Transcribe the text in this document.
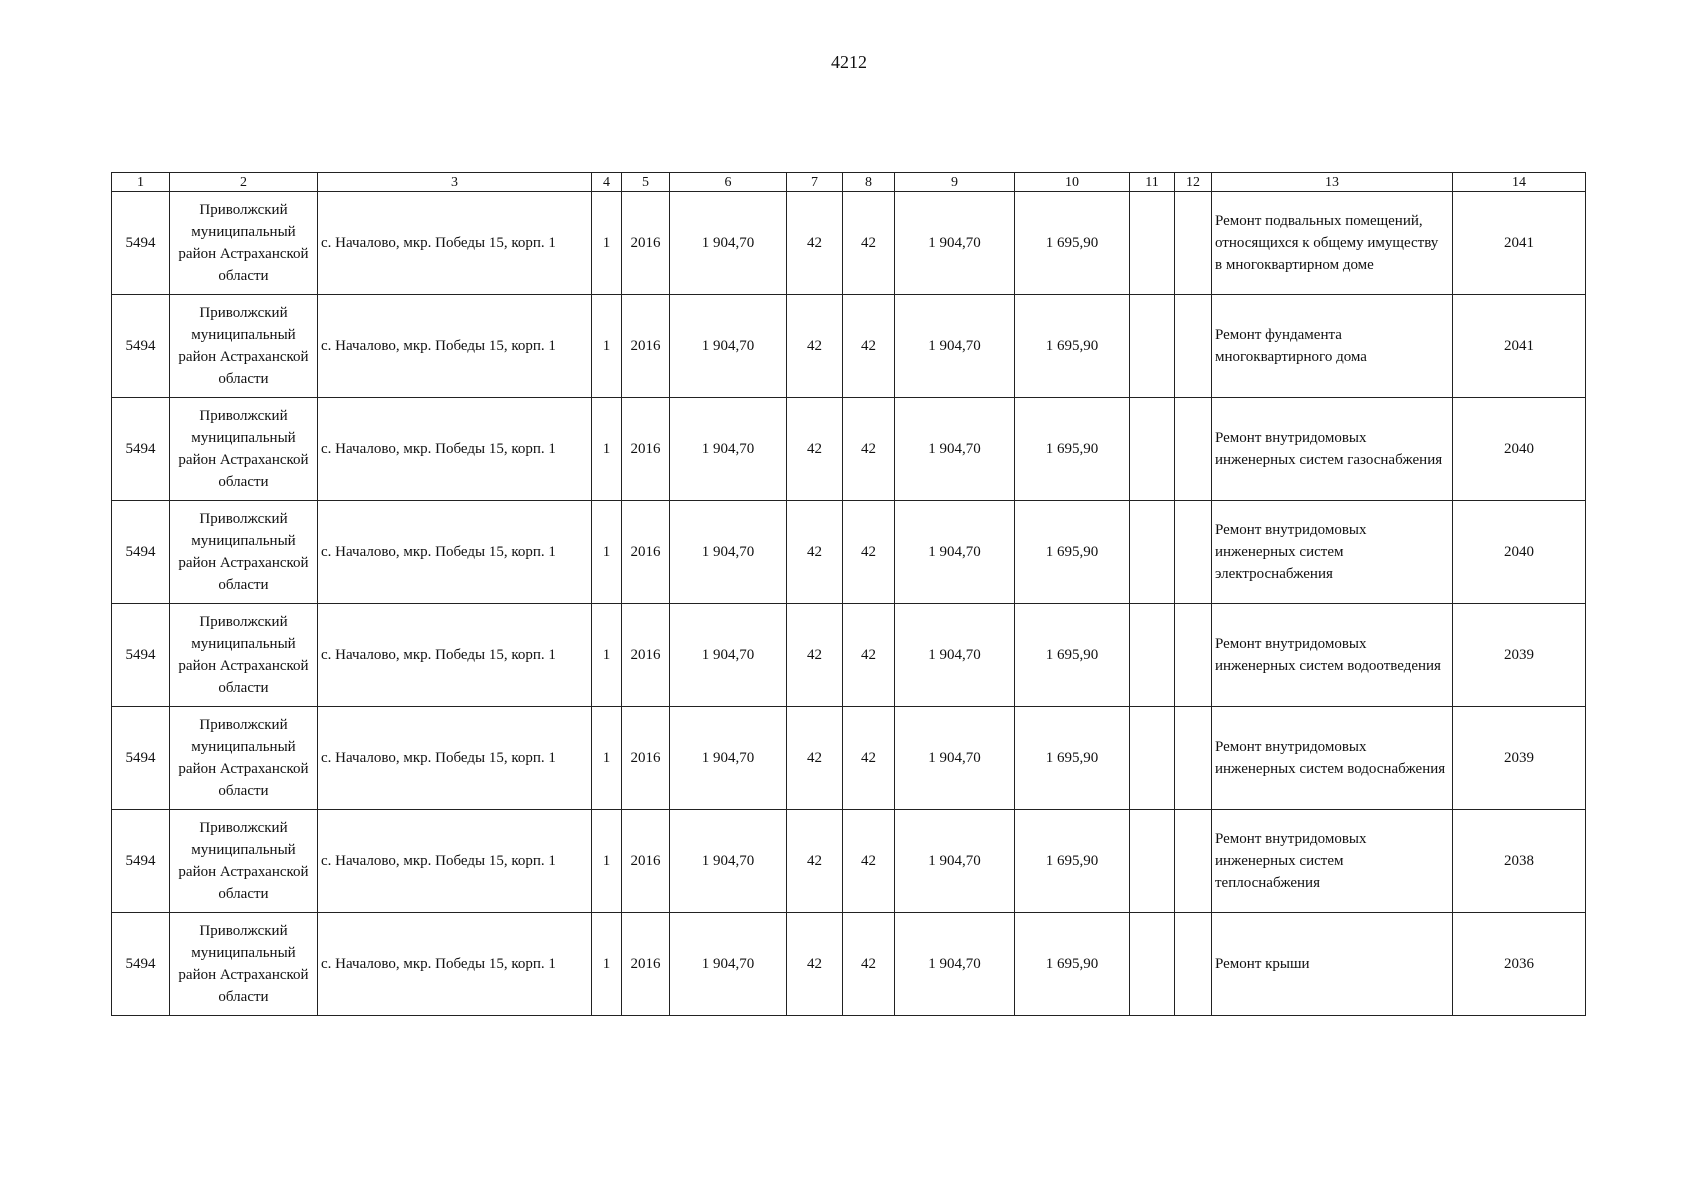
4212
1	2	3	4	5	6	7	8	9	10	11	12	13	14
5494	Приволжский муниципальный район Астраханской области	с. Началово, мкр. Победы 15, корп. 1	1	2016	1 904,70	42	42	1 904,70	1 695,90			Ремонт подвальных помещений, относящихся к общему имуществу в многоквартирном доме	2041
5494	Приволжский муниципальный район Астраханской области	с. Началово, мкр. Победы 15, корп. 1	1	2016	1 904,70	42	42	1 904,70	1 695,90			Ремонт фундамента многоквартирного дома	2041
5494	Приволжский муниципальный район Астраханской области	с. Началово, мкр. Победы 15, корп. 1	1	2016	1 904,70	42	42	1 904,70	1 695,90			Ремонт внутридомовых инженерных систем газоснабжения	2040
5494	Приволжский муниципальный район Астраханской области	с. Началово, мкр. Победы 15, корп. 1	1	2016	1 904,70	42	42	1 904,70	1 695,90			Ремонт внутридомовых инженерных систем электроснабжения	2040
5494	Приволжский муниципальный район Астраханской области	с. Началово, мкр. Победы 15, корп. 1	1	2016	1 904,70	42	42	1 904,70	1 695,90			Ремонт внутридомовых инженерных систем водоотведения	2039
5494	Приволжский муниципальный район Астраханской области	с. Началово, мкр. Победы 15, корп. 1	1	2016	1 904,70	42	42	1 904,70	1 695,90			Ремонт внутридомовых инженерных систем водоснабжения	2039
5494	Приволжский муниципальный район Астраханской области	с. Началово, мкр. Победы 15, корп. 1	1	2016	1 904,70	42	42	1 904,70	1 695,90			Ремонт внутридомовых инженерных систем теплоснабжения	2038
5494	Приволжский муниципальный район Астраханской области	с. Началово, мкр. Победы 15, корп. 1	1	2016	1 904,70	42	42	1 904,70	1 695,90			Ремонт крыши	2036
